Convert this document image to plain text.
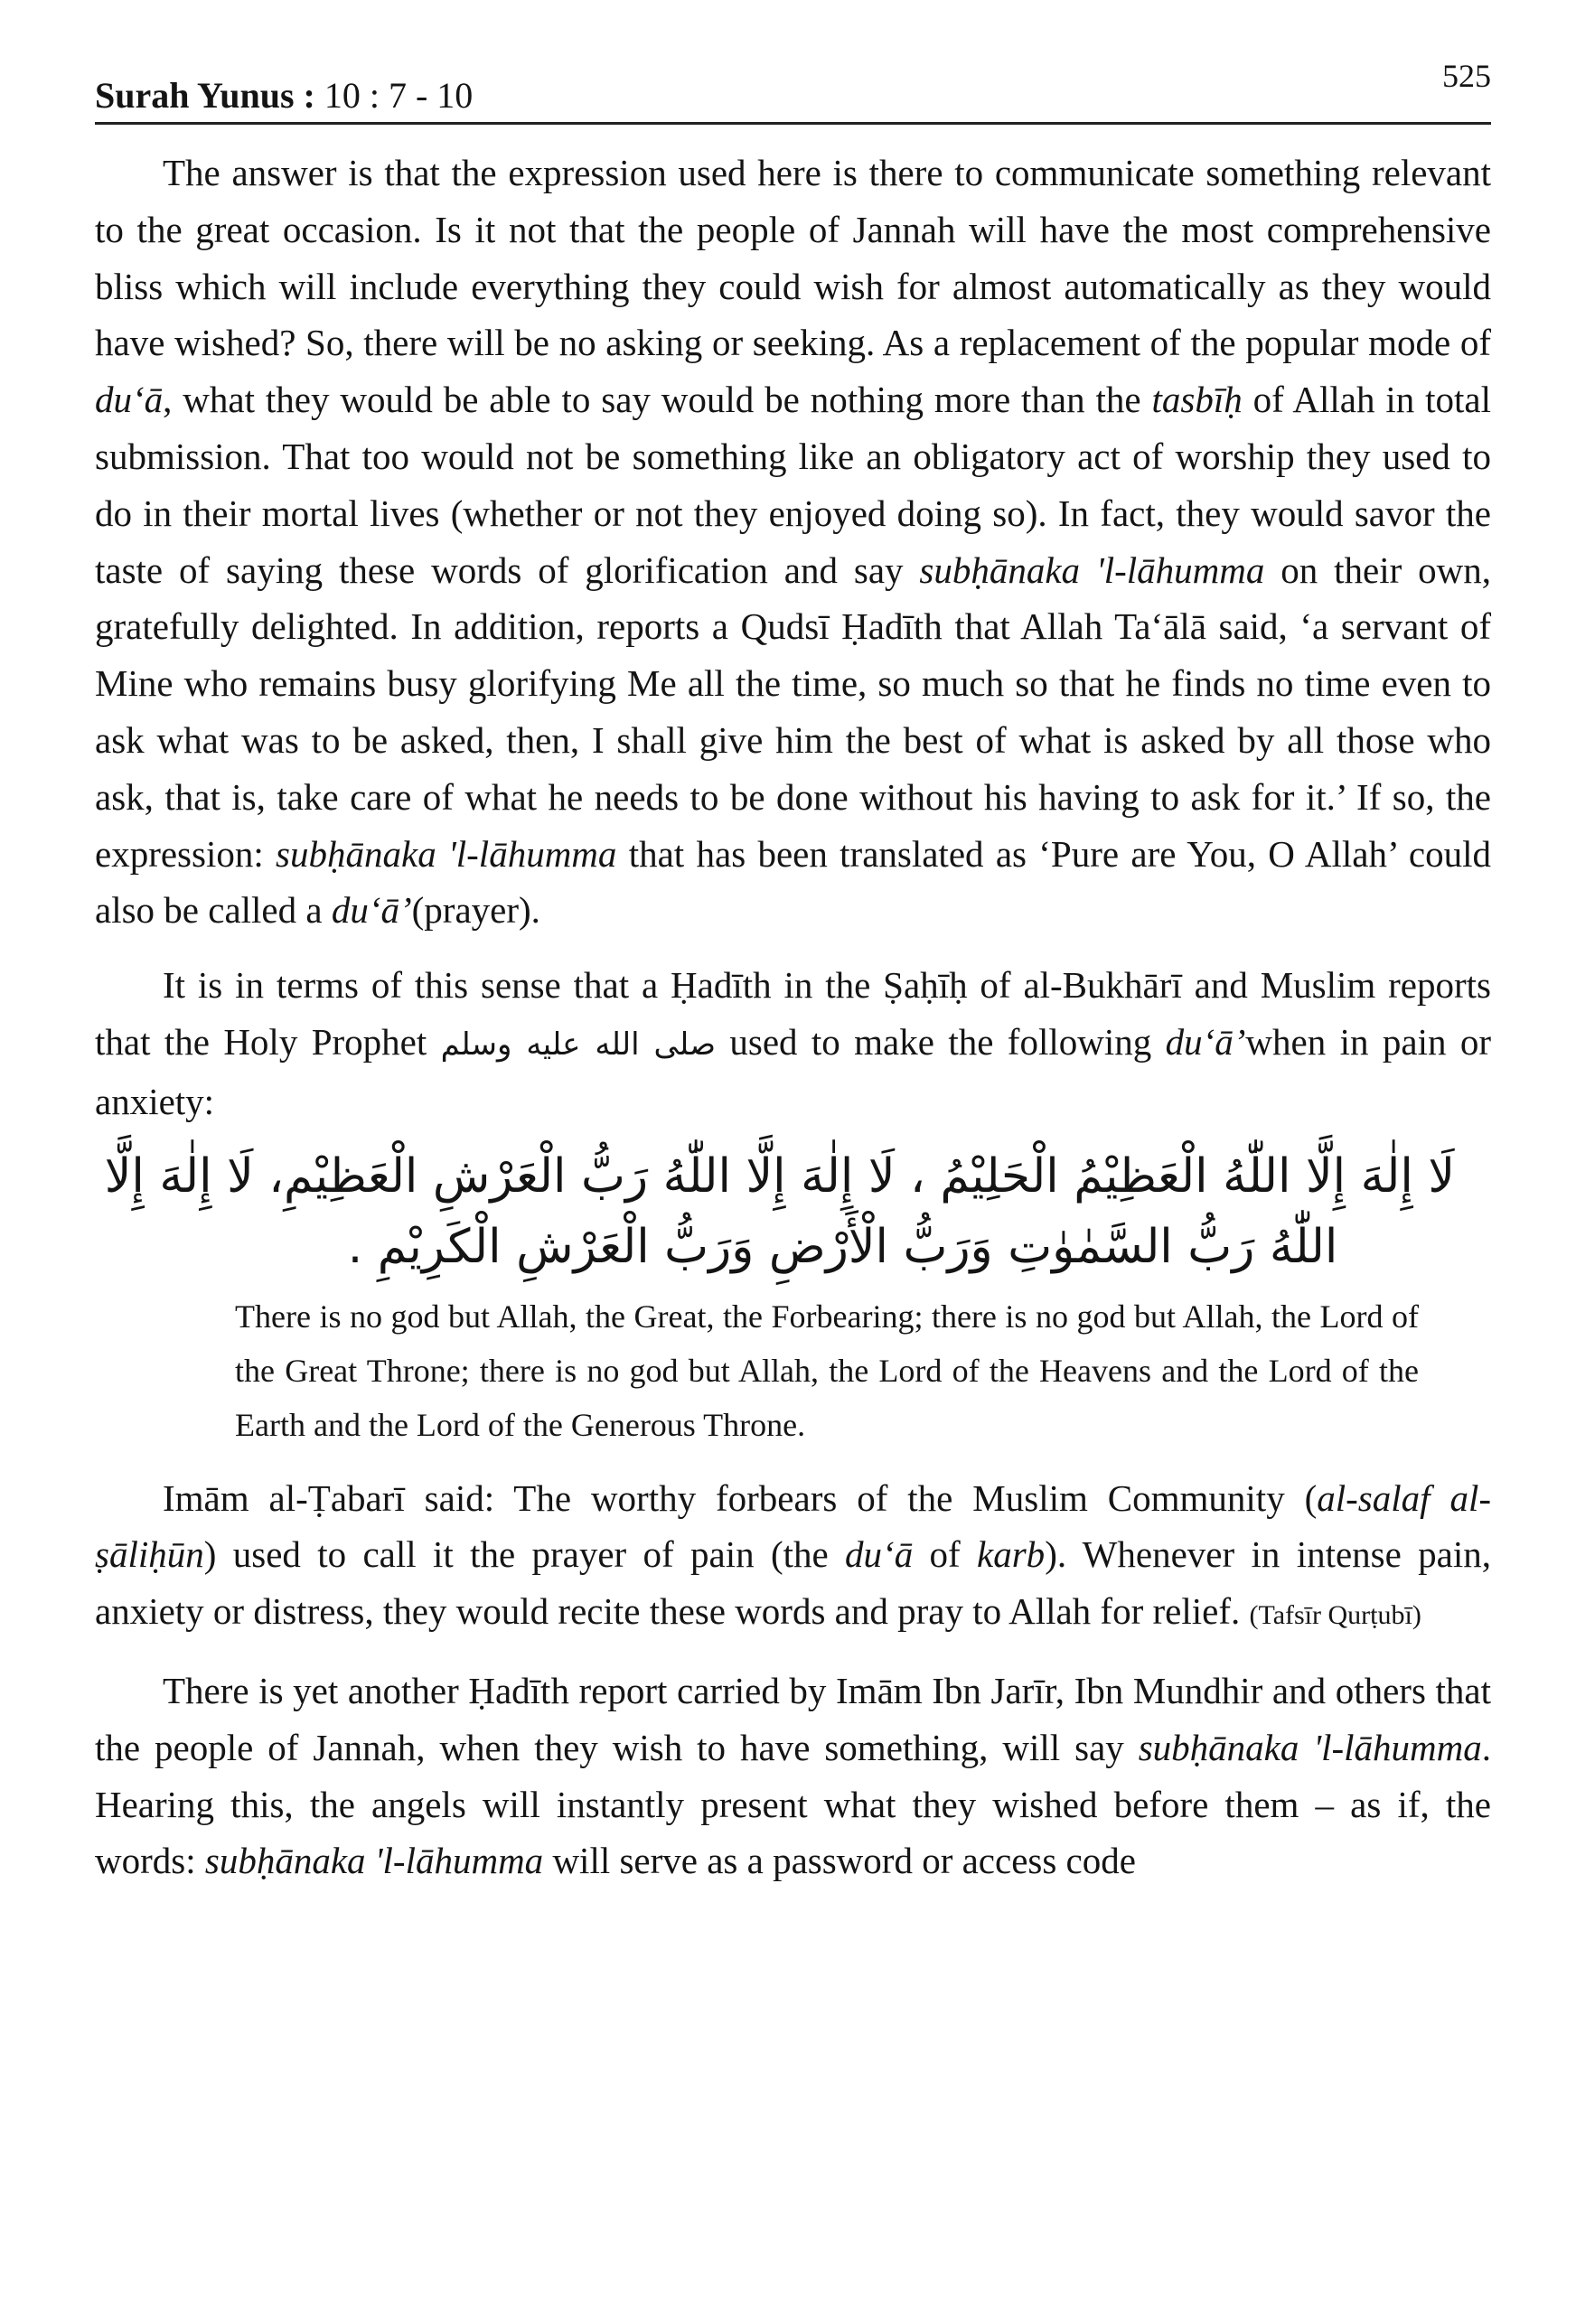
Surah Yunus : 10 : 7 - 10	525

The answer is that the expression used here is there to communicate something relevant to the great occasion. Is it not that the people of Jannah will have the most comprehensive bliss which will include everything they could wish for almost automatically as they would have wished? So, there will be no asking or seeking. As a replacement of the popular mode of du‘ā, what they would be able to say would be nothing more than the tasbīḥ of Allah in total submission. That too would not be something like an obligatory act of worship they used to do in their mortal lives (whether or not they enjoyed doing so). In fact, they would savor the taste of saying these words of glorification and say subḥānaka 'l-lāhumma on their own, gratefully delighted. In addition, reports a Qudsī Ḥadīth that Allah Ta‘ālā said, ‘a servant of Mine who remains busy glorifying Me all the time, so much so that he finds no time even to ask what was to be asked, then, I shall give him the best of what is asked by all those who ask, that is, take care of what he needs to be done without his having to ask for it.’ If so, the expression: subḥānaka 'l-lāhumma that has been translated as ‘Pure are You, O Allah’ could also be called a du‘ā’(prayer).

It is in terms of this sense that a Ḥadīth in the Ṣaḥīḥ of al-Bukhārī and Muslim reports that the Holy Prophet صلى الله عليه وسلم used to make the following du‘ā’when in pain or anxiety:

لَا إِلٰهَ إِلَّا اللّٰهُ الْعَظِيْمُ الْحَلِيْمُ ، لَا إِلٰهَ إِلَّا اللّٰهُ رَبُّ الْعَرْشِ الْعَظِيْمِ، لَا إِلٰهَ إِلَّا
اللّٰهُ رَبُّ السَّمٰوٰتِ وَرَبُّ الْأَرْضِ وَرَبُّ الْعَرْشِ الْكَرِيْمِ .
There is no god but Allah, the Great, the Forbearing; there is no god but Allah, the Lord of the Great Throne; there is no god but Allah, the Lord of the Heavens and the Lord of the Earth and the Lord of the Generous Throne.

Imām al-Ṭabarī said: The worthy forbears of the Muslim Community (al-salaf al-ṣāliḥūn) used to call it the prayer of pain (the du‘ā of karb). Whenever in intense pain, anxiety or distress, they would recite these words and pray to Allah for relief. (Tafsīr Qurṭubī)

There is yet another Ḥadīth report carried by Imām Ibn Jarīr, Ibn Mundhir and others that the people of Jannah, when they wish to have something, will say subḥānaka 'l-lāhumma. Hearing this, the angels will instantly present what they wished before them – as if, the words: subḥānaka 'l-lāhumma will serve as a password or access code
